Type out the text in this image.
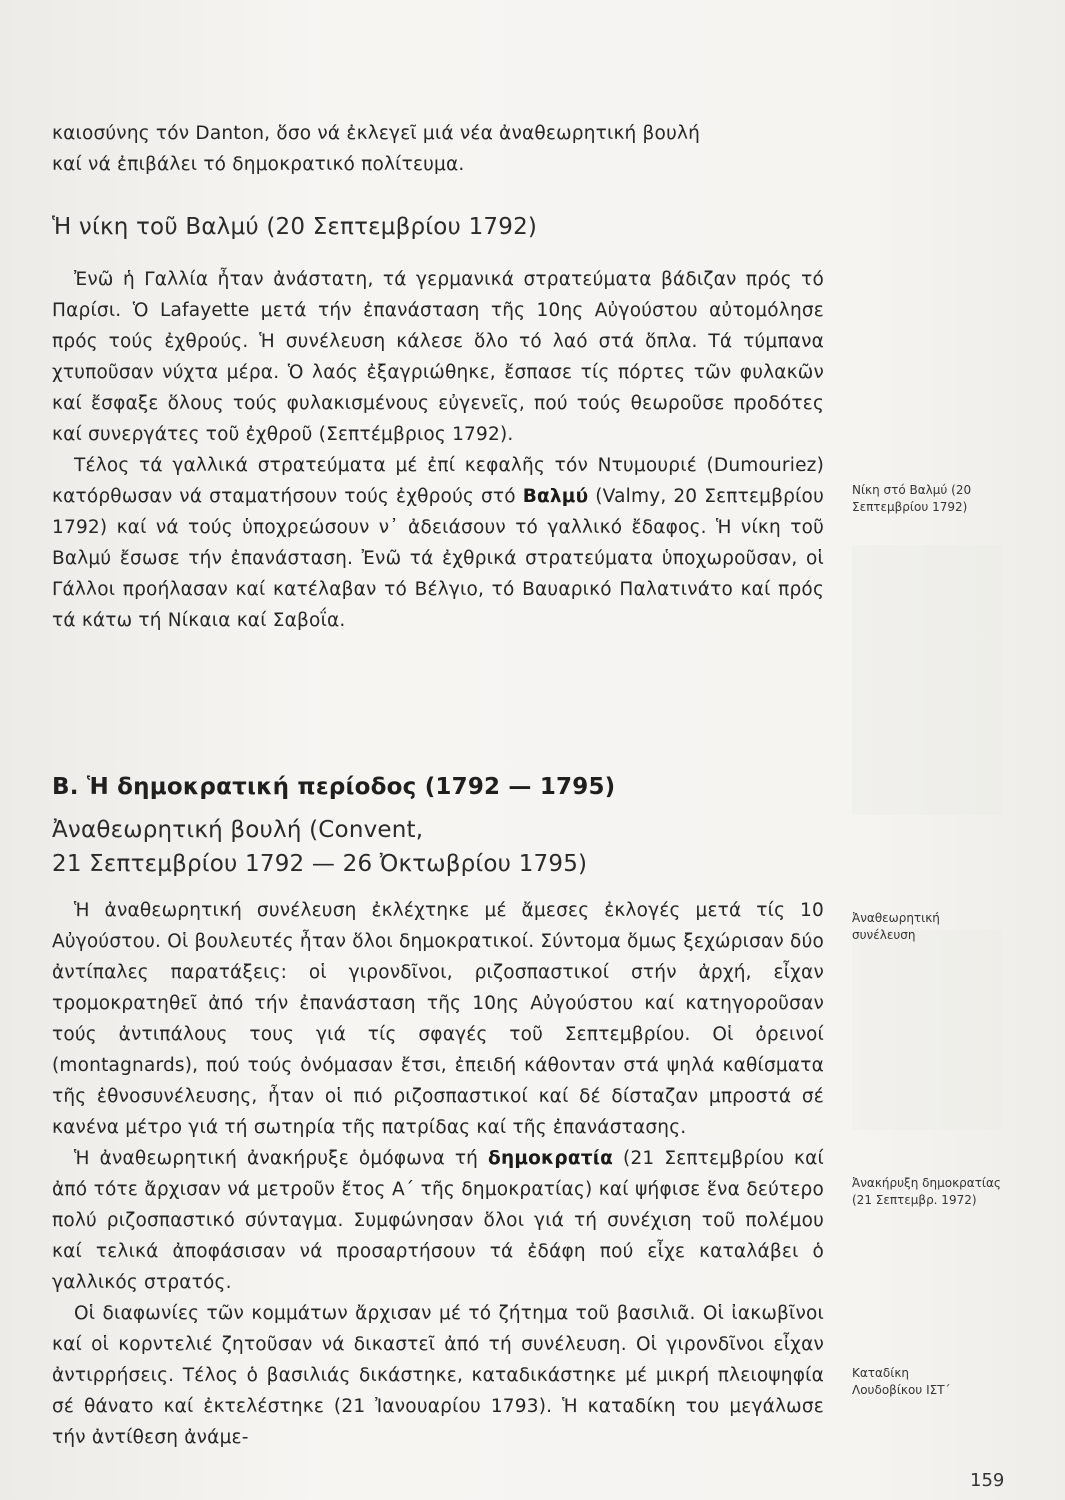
καιοσύνης τόν Danton, ὅσο νά ἐκλεγεῖ μιά νέα ἀναθεωρητική βουλή

καί νά ἐπιβάλει τό δημοκρατικό πολίτευμα.

Ἡ νίκη τοῦ Βαλμύ (20 Σεπτεμβρίου 1792)

Ἐνῶ ἡ Γαλλία ἦταν ἀνάστατη, τά γερμανικά στρατεύματα βάδιζαν πρός τό Παρίσι. Ὁ Lafayette μετά τήν ἐπανάσταση τῆς 10ης Αὐγούστου αὐτομόλησε πρός τούς ἐχθρούς. Ἡ συνέλευση κάλεσε ὅλο τό λαό στά ὅπλα. Τά τύμπανα χτυποῦσαν νύχτα μέρα. Ὁ λαός ἐξαγριώθηκε, ἔσπασε τίς πόρτες τῶν φυλακῶν καί ἔσφαξε ὅλους τούς φυλακισμένους εὐγενεῖς, πού τούς θεωροῦσε προδότες καί συνεργάτες τοῦ ἐχθροῦ (Σεπτέμβριος 1792).

Τέλος τά γαλλικά στρατεύματα μέ ἐπί κεφαλῆς τόν Ντυμουριέ (Dumouriez) κατόρθωσαν νά σταματήσουν τούς ἐχθρούς στό Βαλμύ (Valmy, 20 Σεπτεμβρίου 1792) καί νά τούς ὑποχρεώσουν ν᾽ ἀδειάσουν τό γαλλικό ἔδαφος. Ἡ νίκη τοῦ Βαλμύ ἔσωσε τήν ἐπανάσταση. Ἐνῶ τά ἐχθρικά στρατεύματα ὑποχωροῦσαν, οἱ Γάλλοι προήλασαν καί κατέλαβαν τό Βέλγιο, τό Βαυαρικό Παλατινάτο καί πρός τά κάτω τή Νίκαια καί Σαβοΐα.

Β. Ἡ δημοκρατική περίοδος (1792 — 1795)

Ἀναθεωρητική βουλή (Convent,

21 Σεπτεμβρίου 1792 — 26 Ὀκτωβρίου 1795)

Ἡ ἀναθεωρητική συνέλευση ἐκλέχτηκε μέ ἄμεσες ἐκλογές μετά τίς 10 Αὐγούστου. Οἱ βουλευτές ἦταν ὅλοι δημοκρατικοί. Σύντομα ὅμως ξεχώρισαν δύο ἀντίπαλες παρατάξεις: οἱ γιρονδῖνοι, ριζοσπαστικοί στήν ἀρχή, εἶχαν τρομοκρατηθεῖ ἀπό τήν ἐπανάσταση τῆς 10ης Αὐγούστου καί κατηγοροῦσαν τούς ἀντιπάλους τους γιά τίς σφαγές τοῦ Σεπτεμβρίου. Οἱ ὀρεινοί (montagnards), πού τούς ὀνόμασαν ἔτσι, ἐπειδή κάθονταν στά ψηλά καθίσματα τῆς ἐθνοσυνέλευσης, ἦταν οἱ πιό ριζοσπαστικοί καί δέ δίσταζαν μπροστά σέ κανένα μέτρο γιά τή σωτηρία τῆς πατρίδας καί τῆς ἐπανάστασης.

Ἡ ἀναθεωρητική ἀνακήρυξε ὁμόφωνα τή δημοκρατία (21 Σεπτεμβρίου καί ἀπό τότε ἄρχισαν νά μετροῦν ἔτος Α΄ τῆς δημοκρατίας) καί ψήφισε ἕνα δεύτερο πολύ ριζοσπαστικό σύνταγμα. Συμφώνησαν ὅλοι γιά τή συνέχιση τοῦ πολέμου καί τελικά ἀποφάσισαν νά προσαρτήσουν τά ἐδάφη πού εἶχε καταλάβει ὁ γαλλικός στρατός.

Οἱ διαφωνίες τῶν κομμάτων ἄρχισαν μέ τό ζήτημα τοῦ βασιλιᾶ. Οἱ ἰακωβῖνοι καί οἱ κορντελιέ ζητοῦσαν νά δικαστεῖ ἀπό τή συνέλευση. Οἱ γιρονδῖνοι εἶχαν ἀντιρρήσεις. Τέλος ὁ βασιλιάς δικάστηκε, καταδικάστηκε μέ μικρή πλειοψηφία σέ θάνατο καί ἐκτελέστηκε (21 Ἰανουαρίου 1793). Ἡ καταδίκη του μεγάλωσε τήν ἀντίθεση ἀνάμε-

Νίκη στό Βαλμύ (20 Σεπτεμβρίου 1792)
Ἀναθεωρητική συνέλευση
Ἀνακήρυξη δημοκρατίας (21 Σεπτεμβρ. 1972)
Καταδίκη Λουδοβίκου ΙΣΤ΄
159
